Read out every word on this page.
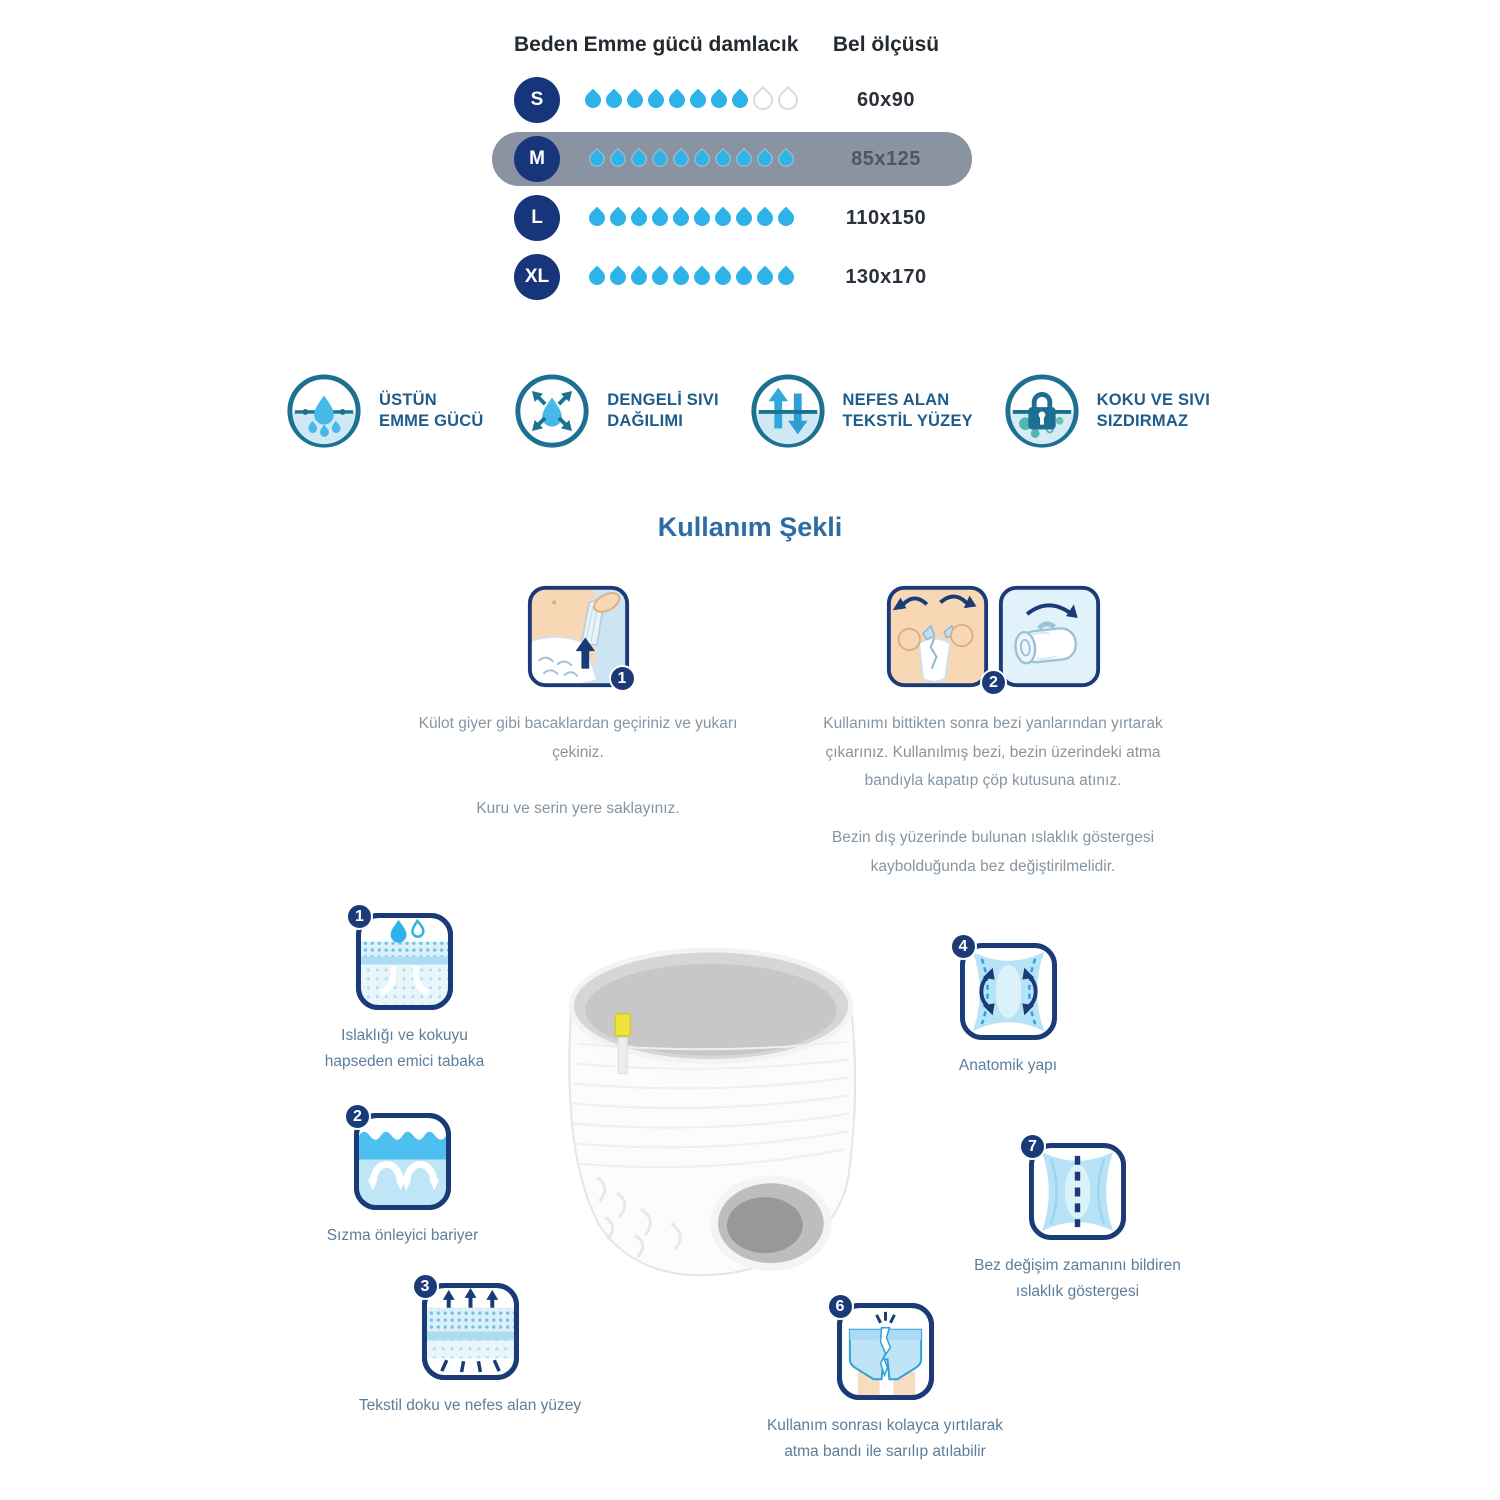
Beden Emme gücü damlacık	Bel ölçüsü
S	60x90
M	85x125
L	110x150
XL	130x170
ÜSTÜN
EMME GÜCÜ
DENGELİ SIVI
DAĞILIMI
NEFES ALAN
TEKSTİL YÜZEY
KOKU VE SIVI
SIZDIRMAZ
Kullanım Şekli
1

Külot giyer gibi bacaklardan geçiriniz ve yukarı çekiniz.

Kuru ve serin yere saklayınız.

2

Kullanımı bittikten sonra bezi yanlarından yırtarak çıkarınız. Kullanılmış bezi, bezin üzerindeki atma bandıyla kapatıp çöp kutusuna atınız.

Bezin dış yüzerinde bulunan ıslaklık göstergesi kaybolduğunda bez değiştirilmelidir.

1
Islaklığı ve kokuyu hapseden emici tabaka
2
Sızma önleyici bariyer
3
Tekstil doku ve nefes alan yüzey
4
Anatomik yapı
7
Bez değişim zamanını bildiren ıslaklık göstergesi
6
Kullanım sonrası kolayca yırtılarak atma bandı ile sarılıp atılabilir
